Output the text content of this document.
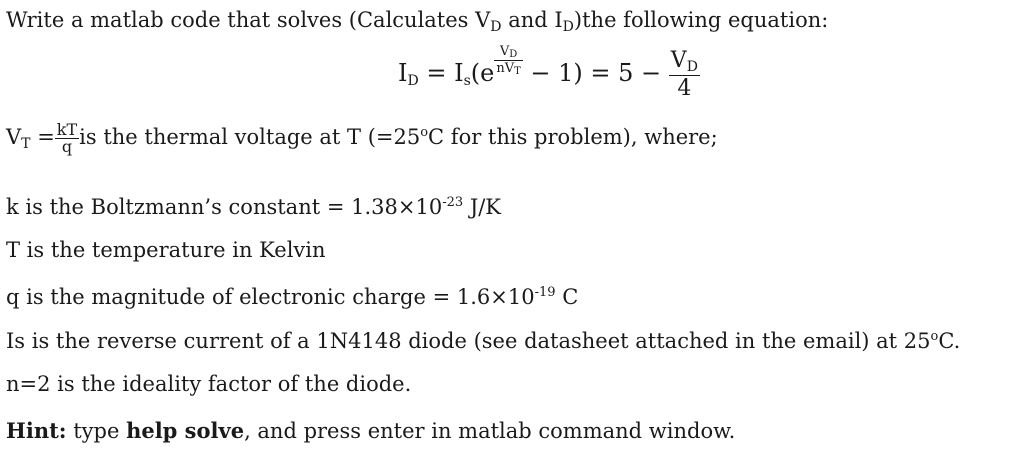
Write a matlab code that solves (Calculates $V_D$ and $I_D)the$ following equation:
$I_D = I_s(e \frac{V_D}{nV_T} - 1) = 5 - \frac{V_D}{4}$
$V_T = \frac{kT}{q}$ is the thermal voltage at T ($=25^oC$ for this problem), where;
k is the Boltzmann’s constant = $1.38\times 10^{-23}$ J/K
T is the temperature in Kelvin
q is the magnitude of electronic charge = $1.6\times 10^{-19}$ C
Is is the reverse current of a 1N4148 diode (see datasheet attached in the email) at 25$^o$C.
n=2 is the ideality factor of the diode.
Hint: type help solve, and press enter in matlab command window.
